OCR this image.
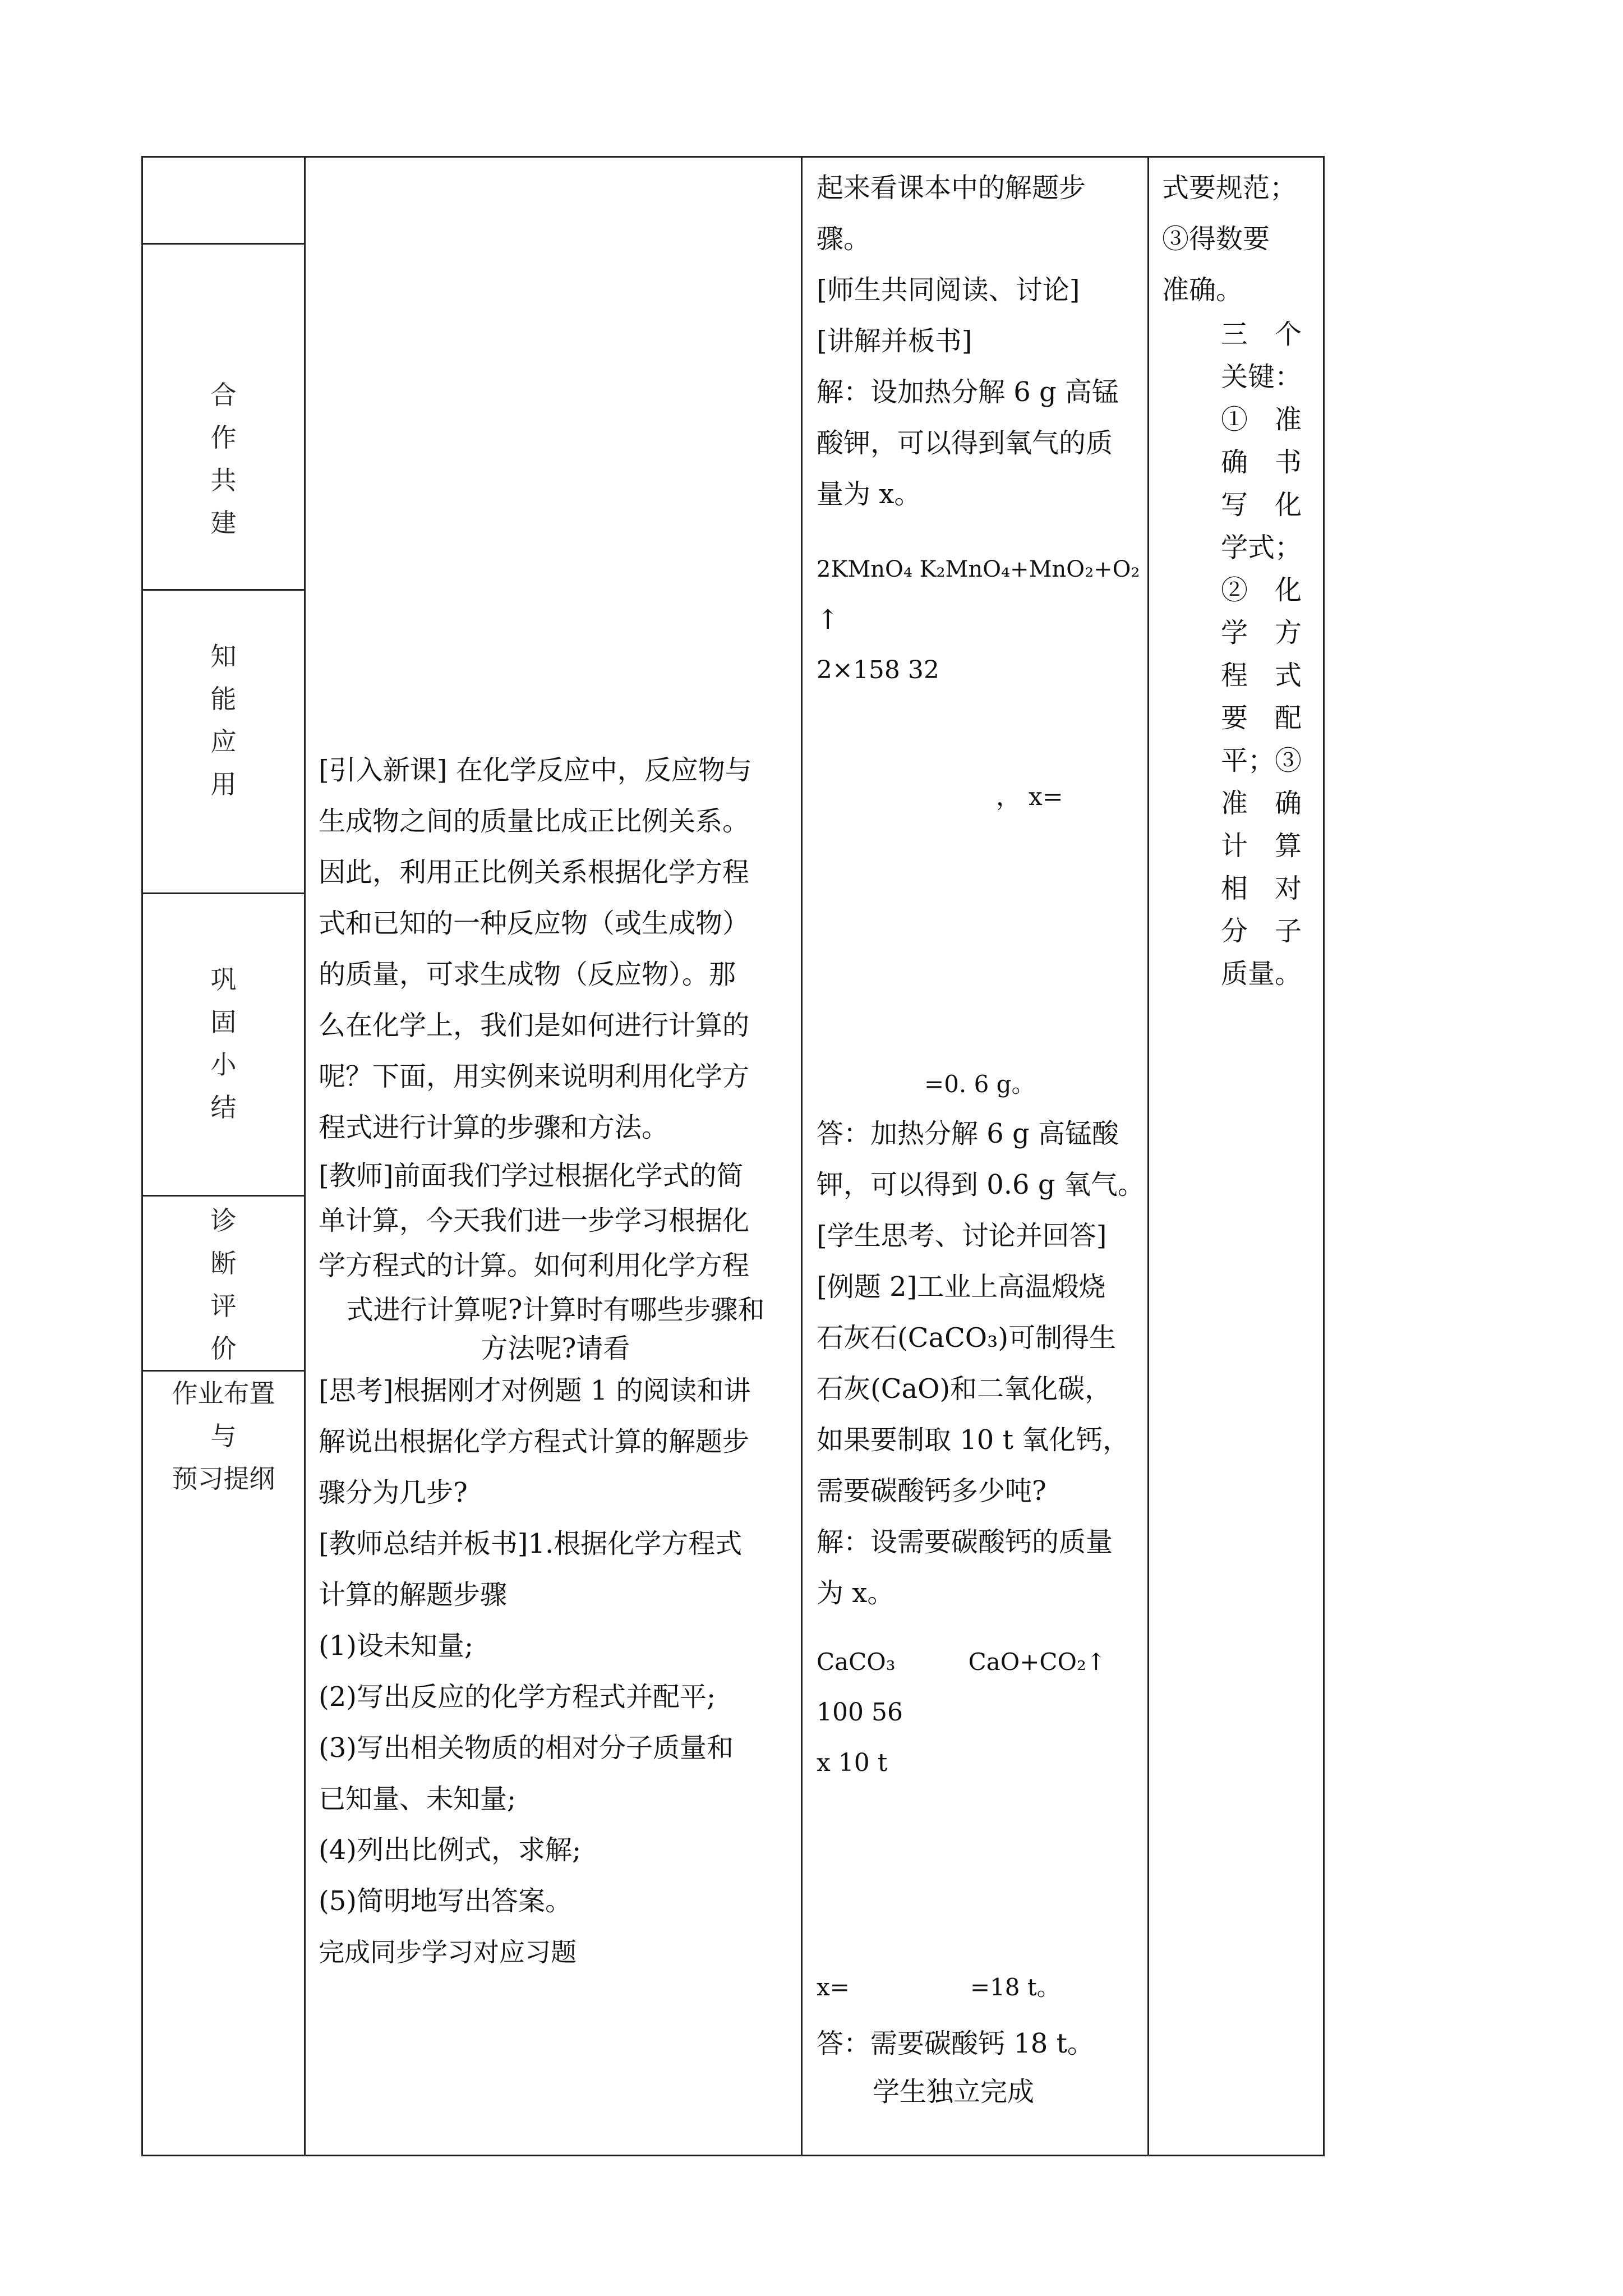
合
作
共
建
知
能
应
用
巩
固
小
结
诊
断
评
价
作业布置
与
预习提纲
[引入新课] 在化学反应中，反应物与
生成物之间的质量比成正比例关系。
因此，利用正比例关系根据化学方程
式和已知的一种反应物（或生成物）
的质量，可求生成物（反应物）。那
么在化学上，我们是如何进行计算的
呢？下面，用实例来说明利用化学方
程式进行计算的步骤和方法。
[教师]前面我们学过根据化学式的简
单计算，今天我们进一步学习根据化
学方程式的计算。如何利用化学方程
式进行计算呢?计算时有哪些步骤和
方法呢?请看
[思考]根据刚才对例题 1 的阅读和讲
解说出根据化学方程式计算的解题步
骤分为几步?
[教师总结并板书]1.根据化学方程式
计算的解题步骤
(1)设未知量;
(2)写出反应的化学方程式并配平;
(3)写出相关物质的相对分子质量和
已知量、未知量;
(4)列出比例式，求解;
(5)简明地写出答案。
完成同步学习对应习题
起来看课本中的解题步
骤。
[师生共同阅读、讨论]
[讲解并板书]
解：设加热分解 6 g 高锰
酸钾，可以得到氧气的质
量为 x。
2KMnO₄ K₂MnO₄+MnO₂+O₂
↑
2×158 32
， x=
=0. 6 g。
答：加热分解 6 g 高锰酸
钾，可以得到 0.6 g 氧气。
[学生思考、讨论并回答]
[例题 2]工业上高温煅烧
石灰石(CaCO₃)可制得生
石灰(CaO)和二氧化碳，
如果要制取 10 t 氧化钙，
需要碳酸钙多少吨?
解：设需要碳酸钙的质量
为 x。
CaCO₃	CaO+CO₂↑
100 56
x 10 t
x=	=18 t。
答：需要碳酸钙 18 t。
学生独立完成
式要规范；
③得数要
准确。
三　个
关键：
①　准
确　书
写　化
学式；
②　化
学　方
程　式
要　配
平；③
准　确
计　算
相　对
分　子
质量。
